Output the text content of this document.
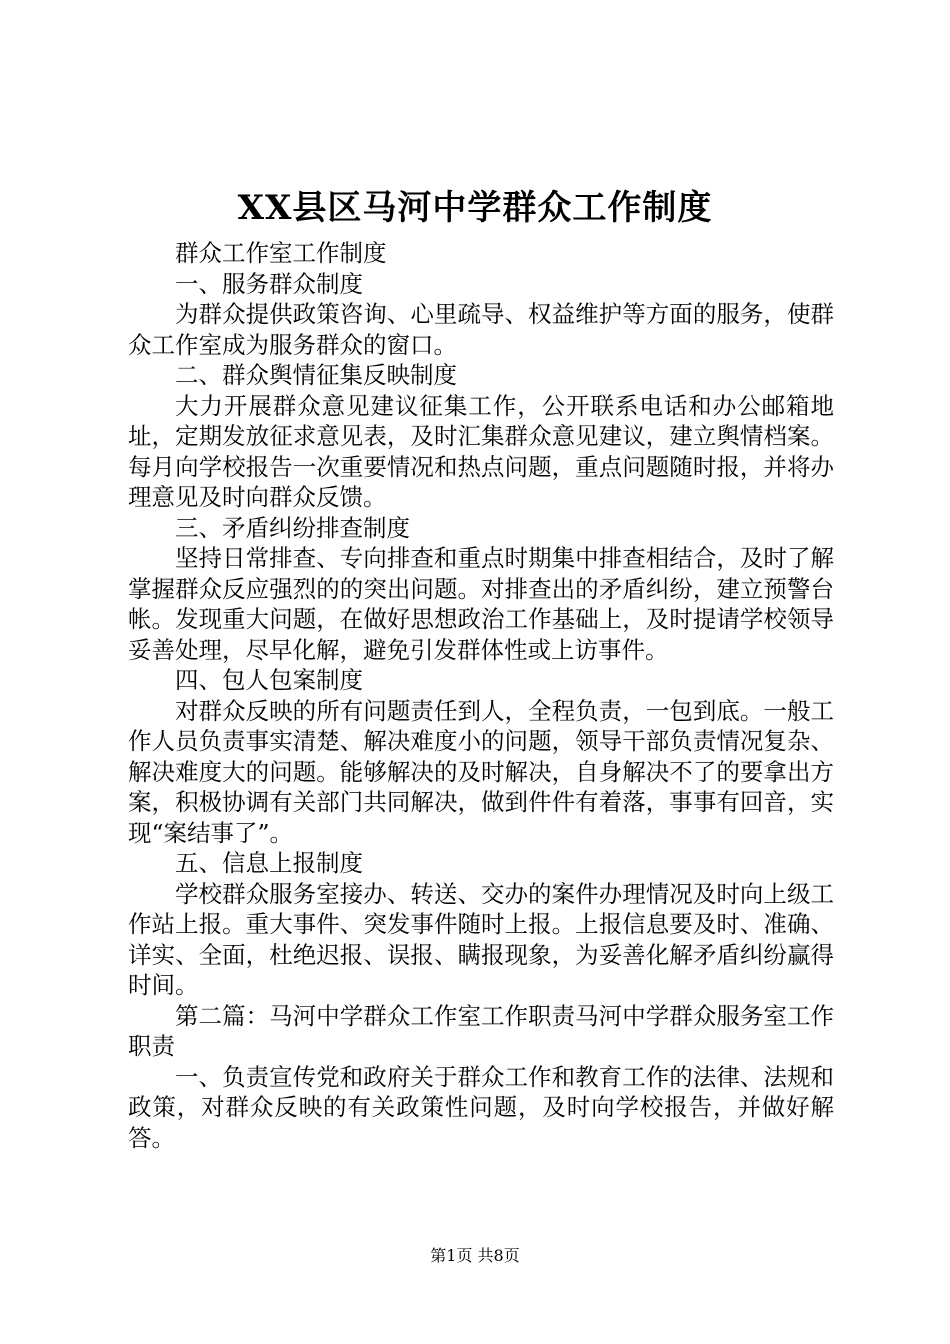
XX县区马河中学群众工作制度

群众工作室工作制度

一、服务群众制度

为群众提供政策咨询、心里疏导、权益维护等方面的服务，使群众工作室成为服务群众的窗口。

二、群众舆情征集反映制度

大力开展群众意见建议征集工作，公开联系电话和办公邮箱地址，定期发放征求意见表，及时汇集群众意见建议，建立舆情档案。每月向学校报告一次重要情况和热点问题，重点问题随时报，并将办理意见及时向群众反馈。

三、矛盾纠纷排查制度

坚持日常排查、专向排查和重点时期集中排查相结合，及时了解掌握群众反应强烈的的突出问题。对排查出的矛盾纠纷，建立预警台帐。发现重大问题，在做好思想政治工作基础上，及时提请学校领导妥善处理，尽早化解，避免引发群体性或上访事件。

四、包人包案制度

对群众反映的所有问题责任到人，全程负责，一包到底。一般工作人员负责事实清楚、解决难度小的问题，领导干部负责情况复杂、解决难度大的问题。能够解决的及时解决，自身解决不了的要拿出方案，积极协调有关部门共同解决，做到件件有着落，事事有回音，实现“案结事了”。

五、信息上报制度

学校群众服务室接办、转送、交办的案件办理情况及时向上级工作站上报。重大事件、突发事件随时上报。上报信息要及时、准确、详实、全面，杜绝迟报、误报、瞒报现象，为妥善化解矛盾纠纷赢得时间。

第二篇：马河中学群众工作室工作职责马河中学群众服务室工作职责

一、负责宣传党和政府关于群众工作和教育工作的法律、法规和政策，对群众反映的有关政策性问题，及时向学校报告，并做好解答。

第1页 共8页
